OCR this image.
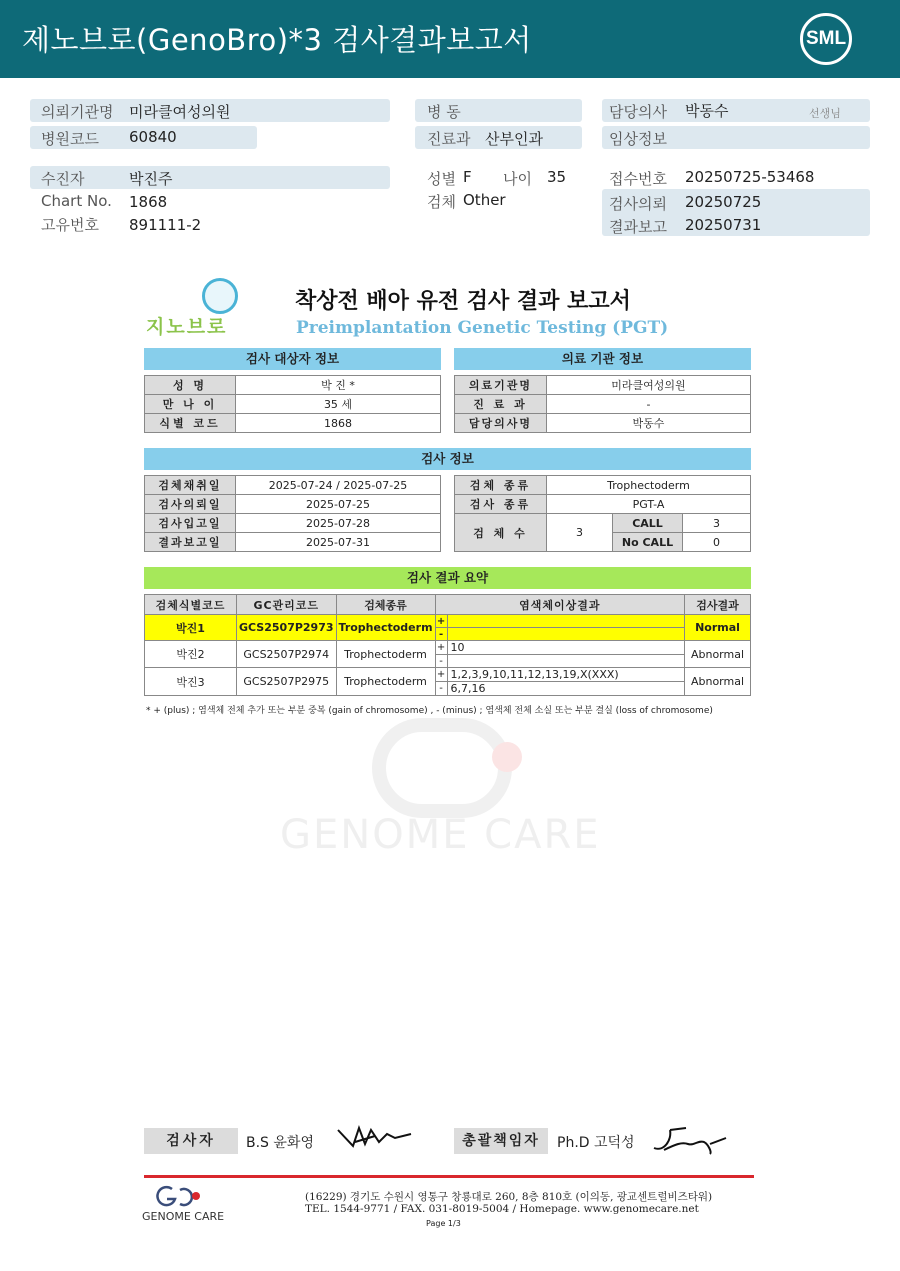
제노브로(GenoBro)*3 검사결과보고서	SML
의뢰기관명 미라클여성의원
병원코드 60840
수진자	박진주
Chart No. 1868
고유번호 891111-2
병 동
진료과 산부인과
성별 F 나이 35
검체 Other
담당의사 박동수	선생님
임상정보
접수번호 20250725-53468
검사의뢰 20250725
결과보고 20250731
지노브로
착상전 배아 유전 검사 결과 보고서
Preimplantation Genetic Testing (PGT)
검사 대상자 정보	의료 기관 정보
성 명	박 진 *
만 나 이	35 세
식별 코드	1868
의료기관명	미라클여성의원
진 료 과	-
담당의사명	박동수
검사 정보
검체채취일	2025-07-24 / 2025-07-25
검사의뢰일	2025-07-25
검사입고일	2025-07-28
결과보고일	2025-07-31
검체 종류	Trophectoderm		
검사 종류	PGT-A		
검 체 수	3	CALL	3
		No CALL	0
검사 결과 요약
검체식별코드	GC관리코드	검체종류	염색체이상결과		검사결과
박진1	GCS2507P2973	Trophectoderm	+		Normal
			-		
박진2	GCS2507P2974	Trophectoderm	+	10	Abnormal
			-		
박진3	GCS2507P2975	Trophectoderm	+	1,2,3,9,10,11,12,13,19,X(XXX)	Abnormal
			-	6,7,16	
* + (plus) ; 염색체 전체 추가 또는 부분 중복 (gain of chromosome) , - (minus) ; 염색체 전체 소실 또는 부분 결실 (loss of chromosome)
GENOME CARE
검사자	B.S 윤화영	총괄책임자	Ph.D 고덕성
GENOME CARE
(16229) 경기도 수원시 영통구 창룡대로 260, 8층 810호 (이의동, 광교센트럴비즈타워)
TEL. 1544-9771 / FAX. 031-8019-5004 / Homepage. www.genomecare.net
Page 1/3
